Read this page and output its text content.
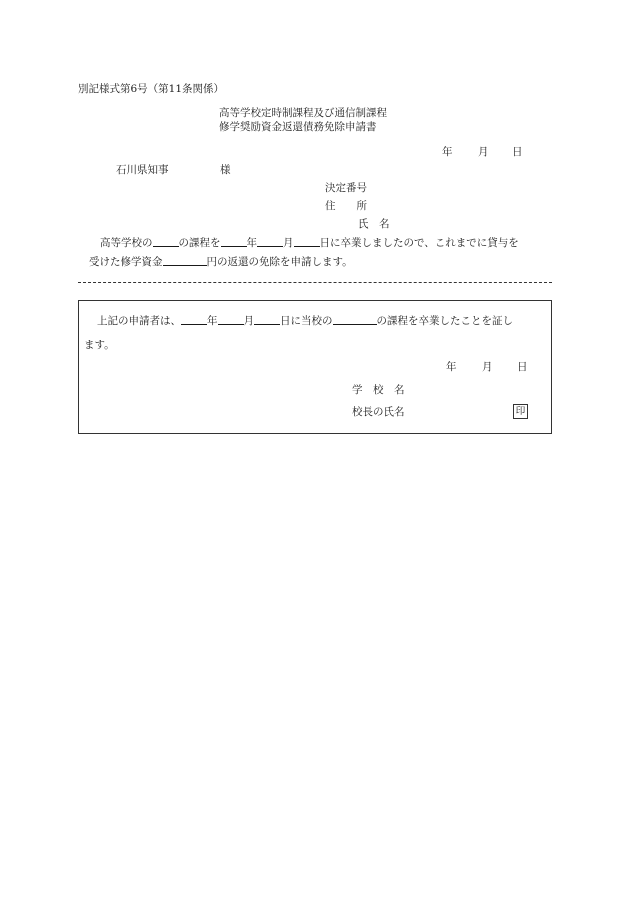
別記様式第6号（第11条関係）
高等学校定時制課程及び通信制課程
修学奨励資金返還債務免除申請書
年 月 日
石川県知事	様
決定番号
住　　所
氏　名
高等学校の の課程を 年 月 日に卒業しましたので、これまでに貸与を
受けた修学資金	円の返還の免除を申請します。
上記の申請者は、 年 月 日に当校の	の課程を卒業したことを証し
ます。
年 月 日
学　校　名
校長の氏名	印
